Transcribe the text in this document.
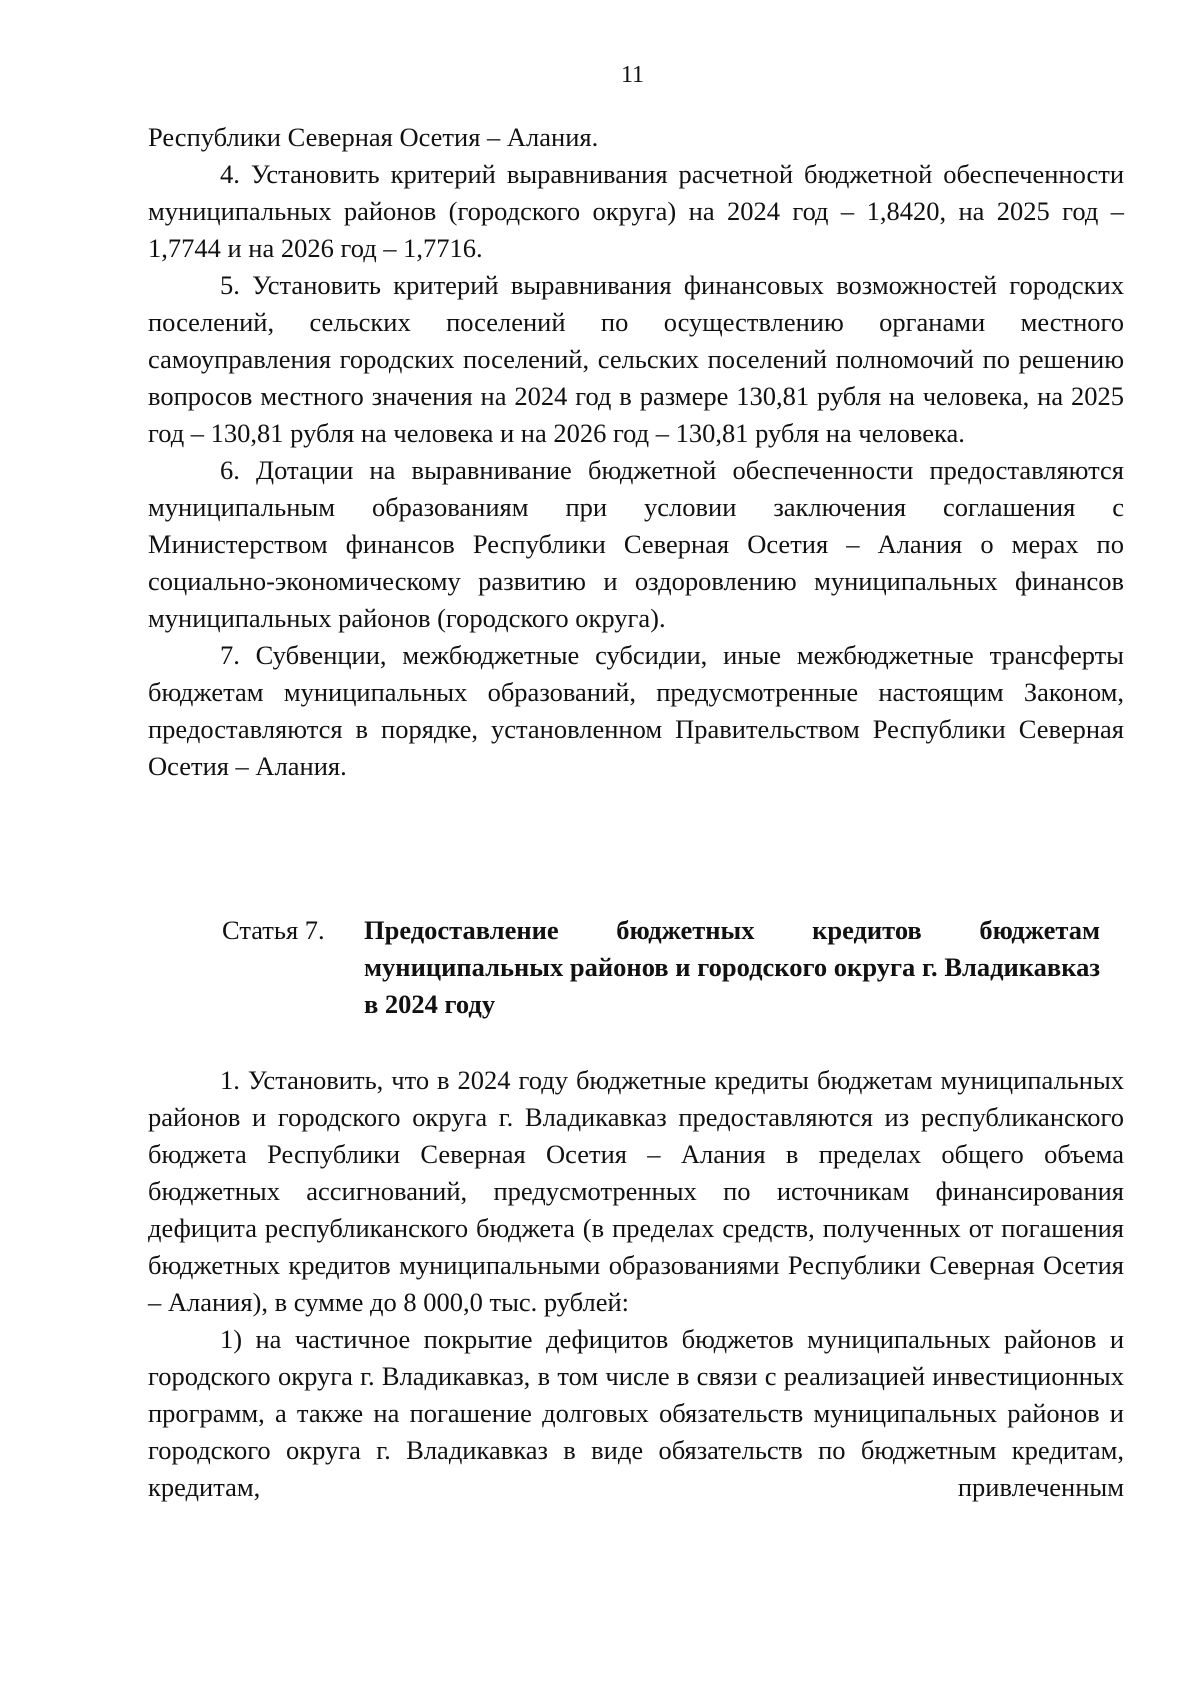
11

Республики Северная Осетия – Алания.

4. Установить критерий выравнивания расчетной бюджетной обеспеченности муниципальных районов (городского округа) на 2024 год – 1,8420, на 2025 год – 1,7744 и на 2026 год – 1,7716.

5. Установить критерий выравнивания финансовых возможностей городских поселений, сельских поселений по осуществлению органами местного самоуправления городских поселений, сельских поселений полномочий по решению вопросов местного значения на 2024 год в размере 130,81 рубля на человека, на 2025 год – 130,81 рубля на человека и на 2026 год – 130,81 рубля на человека.

6. Дотации на выравнивание бюджетной обеспеченности предоставляются муниципальным образованиям при условии заключения соглашения с Министерством финансов Республики Северная Осетия – Алания о мерах по социально-экономическому развитию и оздоровлению муниципальных финансов муниципальных районов (городского округа).

7. Субвенции, межбюджетные субсидии, иные межбюджетные трансферты бюджетам муниципальных образований, предусмотренные настоящим Законом, предоставляются в порядке, установленном Правительством Республики Северная Осетия – Алания.

Статья 7. Предоставление бюджетных кредитов бюджетам муниципальных районов и городского округа г. Владикавказ в 2024 году

1. Установить, что в 2024 году бюджетные кредиты бюджетам муниципальных районов и городского округа г. Владикавказ предоставляются из республиканского бюджета Республики Северная Осетия – Алания в пределах общего объема бюджетных ассигнований, предусмотренных по источникам финансирования дефицита республиканского бюджета (в пределах средств, полученных от погашения бюджетных кредитов муниципальными образованиями Республики Северная Осетия – Алания), в сумме до 8 000,0 тыс. рублей:

1) на частичное покрытие дефицитов бюджетов муниципальных районов и городского округа г. Владикавказ, в том числе в связи с реализацией инвестиционных программ, а также на погашение долговых обязательств муниципальных районов и городского округа г. Владикавказ в виде обязательств по бюджетным кредитам, кредитам, привлеченным
